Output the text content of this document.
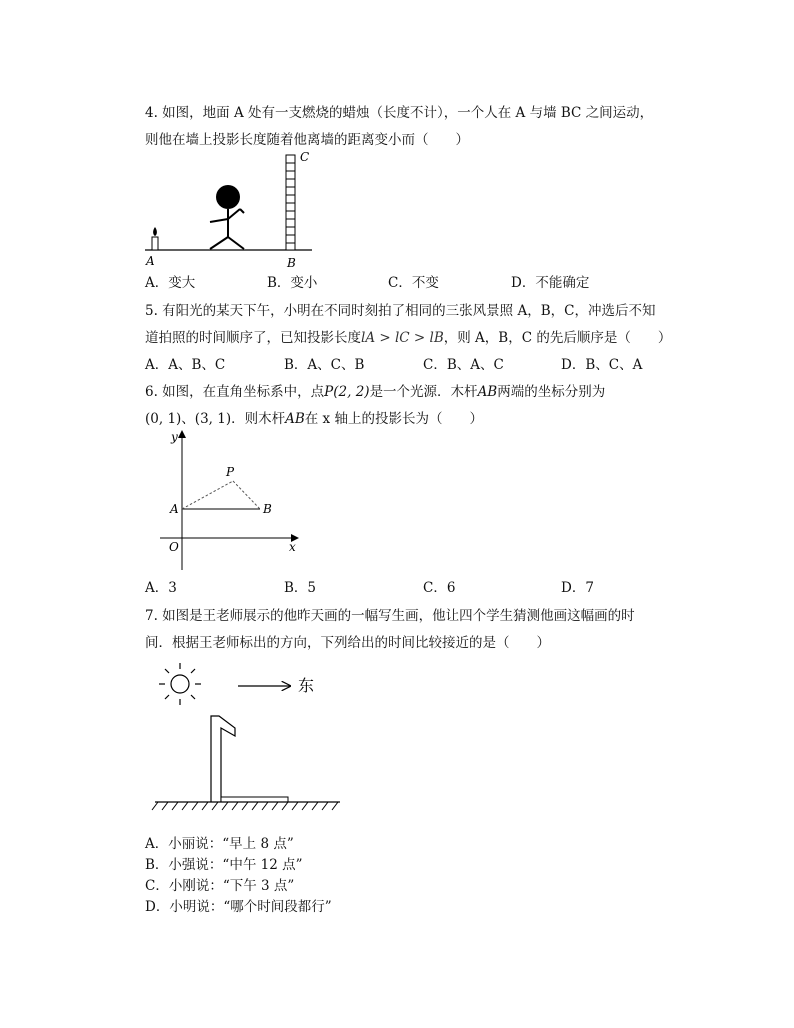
4. 如图，地面 A 处有一支燃烧的蜡烛（长度不计），一个人在 A 与墙 BC 之间运动，
则他在墙上投影长度随着他离墙的距离变小而（　　）
A	B
C
A．变大	B．变小	C．不变	D．不能确定
5. 有阳光的某天下午，小明在不同时刻拍了相同的三张风景照 A，B，C，冲选后不知
道拍照的时间顺序了，已知投影长度lA > lC > lB，则 A，B，C 的先后顺序是（　　）
A．A、B、C	B．A、C、B	C．B、A、C	D．B、C、A
6. 如图，在直角坐标系中，点P(2, 2)是一个光源．木杆AB两端的坐标分别为
(0, 1)、(3, 1)．则木杆AB在 x 轴上的投影长为（　　）
y
x
O
P
A	B
A．3	B．5	C．6	D．7
7. 如图是王老师展示的他昨天画的一幅写生画，他让四个学生猜测他画这幅画的时
间．根据王老师标出的方向，下列给出的时间比较接近的是（　　）
东
A．小丽说：“早上 8 点”
B．小强说：“中午 12 点”
C．小刚说：“下午 3 点”
D．小明说：“哪个时间段都行”
